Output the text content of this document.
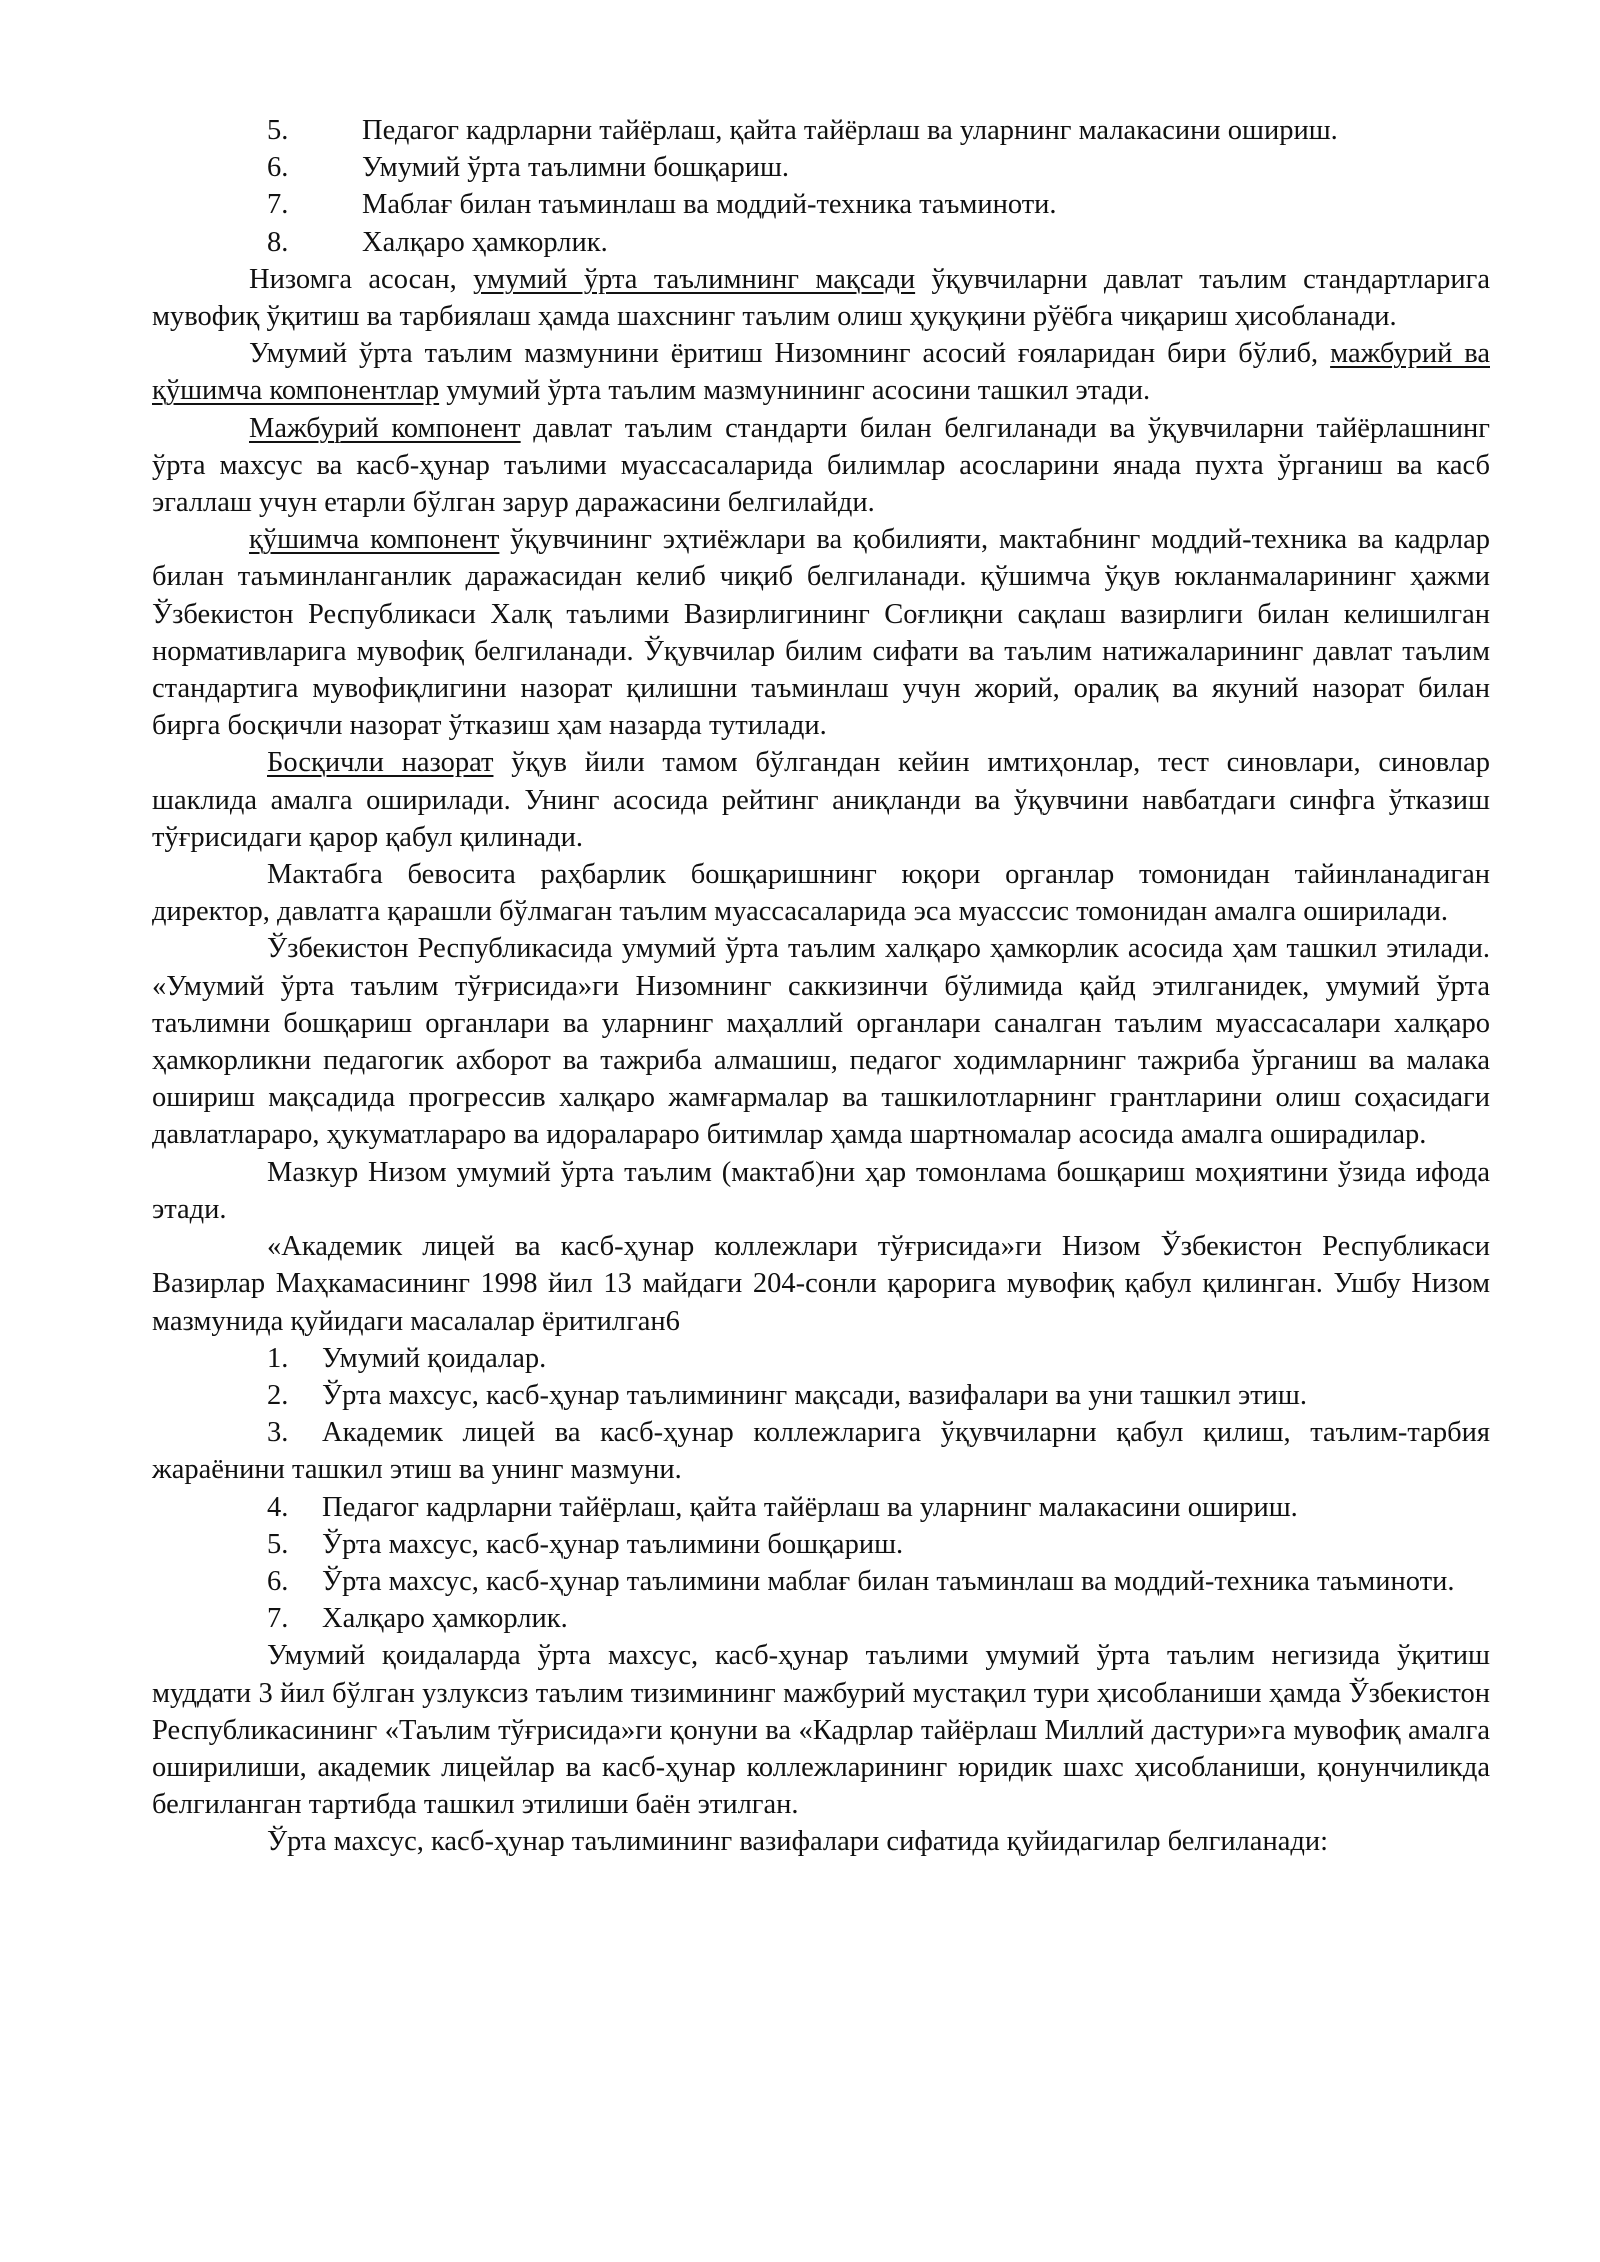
5.	Педагог кадрларни тайёрлаш, қайта тайёрлаш ва уларнинг малакасини ошириш.

6.	Умумий ўрта таълимни бошқариш.

7.	Маблағ билан таъминлаш ва моддий-техника таъминоти.

8.	Халқаро ҳамкорлик.

Низомга асосан, умумий ўрта таълимнинг мақсади ўқувчиларни давлат таълим стандартларига мувофиқ ўқитиш ва тарбиялаш ҳамда шахснинг таълим олиш ҳуқуқини рўёбга чиқариш ҳисобланади.

Умумий ўрта таълим мазмунини ёритиш Низомнинг асосий ғояларидан бири бўлиб, мажбурий ва қўшимча компонентлар умумий ўрта таълим мазмунининг асосини ташкил этади.

Мажбурий компонент давлат таълим стандарти билан белгиланади ва ўқувчиларни тайёрлашнинг ўрта махсус ва касб-ҳунар таълими муассасаларида билимлар асосларини янада пухта ўрганиш ва касб эгаллаш учун етарли бўлган зарур даражасини белгилайди.

қўшимча компонент ўқувчининг эҳтиёжлари ва қобилияти, мактабнинг моддий-техника ва кадрлар билан таъминланганлик даражасидан келиб чиқиб белгиланади. қўшимча ўқув юкланмаларининг ҳажми Ўзбекистон Республикаси Халқ таълими Вазирлигининг Соғлиқни сақлаш вазирлиги билан келишилган нормативларига мувофиқ белгиланади. Ўқувчилар билим сифати ва таълим натижаларининг давлат таълим стандартига мувофиқлигини назорат қилишни таъминлаш учун жорий, оралиқ ва якуний назорат билан бирга босқичли назорат ўтказиш ҳам назарда тутилади.

Босқичли назорат ўқув йили тамом бўлгандан кейин имтиҳонлар, тест синовлари, синовлар шаклида амалга оширилади. Унинг асосида рейтинг аниқланди ва ўқувчини навбатдаги синфга ўтказиш тўғрисидаги қарор қабул қилинади.

Мактабга бевосита раҳбарлик бошқаришнинг юқори органлар томонидан тайинланадиган директор, давлатга қарашли бўлмаган таълим муассасаларида эса муасссис томонидан амалга оширилади.

Ўзбекистон Республикасида умумий ўрта таълим халқаро ҳамкорлик асосида ҳам ташкил этилади. «Умумий ўрта таълим тўғрисида»ги Низомнинг саккизинчи бўлимида қайд этилганидек, умумий ўрта таълимни бошқариш органлари ва уларнинг маҳаллий органлари саналган таълим муассасалари халқаро ҳамкорликни педагогик ахборот ва тажриба алмашиш, педагог ходимларнинг тажриба ўрганиш ва малака ошириш мақсадида прогрессив халқаро жамғармалар ва ташкилотларнинг грантларини олиш соҳасидаги давлатлараро, ҳукуматлараро ва идоралараро битимлар ҳамда шартномалар асосида амалга оширадилар.

Мазкур Низом умумий ўрта таълим (мактаб)ни ҳар томонлама бошқариш моҳиятини ўзида ифода этади.

«Академик лицей ва касб-ҳунар коллежлари тўғрисида»ги Низом Ўзбекистон Республикаси Вазирлар Маҳкамасининг 1998 йил 13 майдаги 204-сонли қарорига мувофиқ қабул қилинган. Ушбу Низом мазмунида қуйидаги масалалар ёритилган6

1. Умумий қоидалар.

2. Ўрта махсус, касб-ҳунар таълимининг мақсади, вазифалари ва уни ташкил этиш.

3. Академик лицей ва касб-ҳунар коллежларига ўқувчиларни қабул қилиш, таълим-тарбия жараёнини ташкил этиш ва унинг мазмуни.

4. Педагог кадрларни тайёрлаш, қайта тайёрлаш ва уларнинг малакасини ошириш.

5. Ўрта махсус, касб-ҳунар таълимини бошқариш.

6. Ўрта махсус, касб-ҳунар таълимини маблағ билан таъминлаш ва моддий-техника таъминоти.

7. Халқаро ҳамкорлик.

Умумий қоидаларда ўрта махсус, касб-ҳунар таълими умумий ўрта таълим негизида ўқитиш муддати 3 йил бўлган узлуксиз таълим тизимининг мажбурий мустақил тури ҳисобланиши ҳамда Ўзбекистон Республикасининг «Таълим тўғрисида»ги қонуни ва «Кадрлар тайёрлаш Миллий дастури»га мувофиқ амалга оширилиши, академик лицейлар ва касб-ҳунар коллежларининг юридик шахс ҳисобланиши, қонунчиликда белгиланган тартибда ташкил этилиши баён этилган.

Ўрта махсус, касб-ҳунар таълимининг вазифалари сифатида қуйидагилар белгиланади:
